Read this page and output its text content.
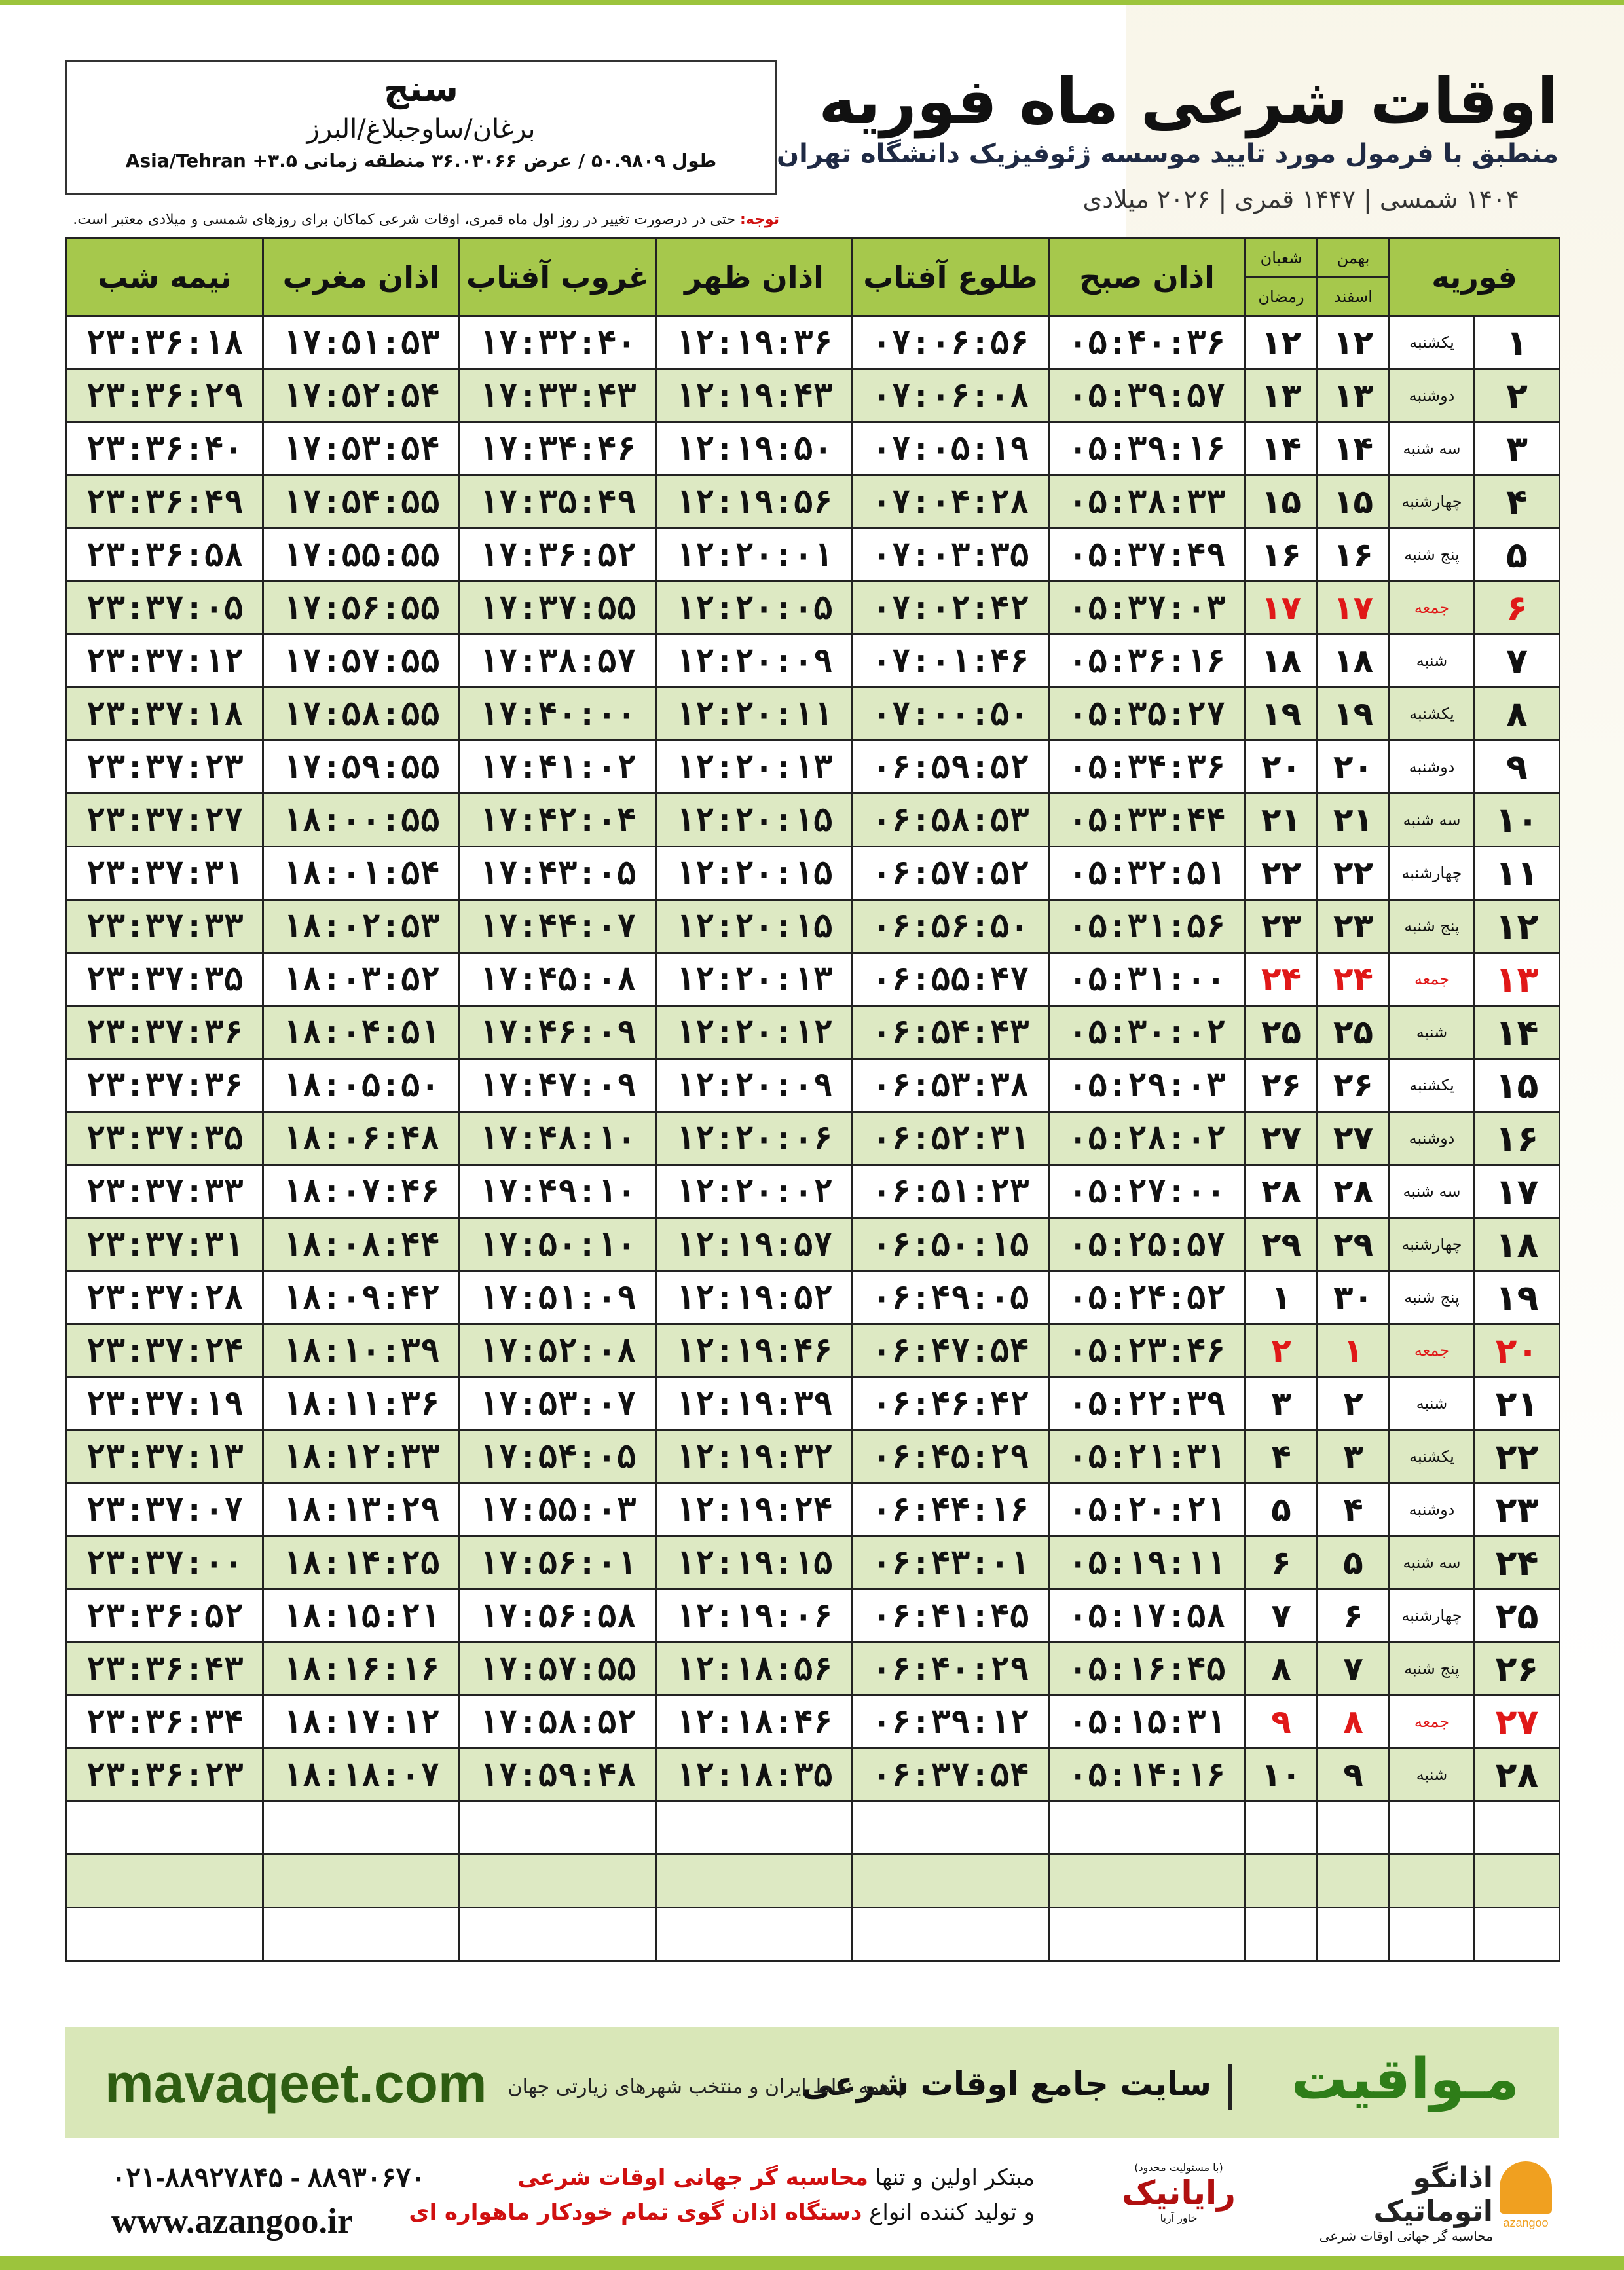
اوقات شرعی ماه فوریه
منطبق با فرمول مورد تایید موسسه ژئوفیزیک دانشگاه تهران
۱۴۰۴ شمسی | ۱۴۴۷ قمری | ۲۰۲۶ میلادی
سنج
برغان/ساوجبلاغ/البرز
طول ۵۰.۹۸۰۹ / عرض ۳۶.۰۳۰۶۶ منطقه زمانی ۳.۵+ Asia/Tehran
توجه: حتی در درصورت تغییر در روز اول ماه قمری، اوقات شرعی کماکان برای روزهای شمسی و میلادی معتبر است.
فوریه		بهمن
اسفند	شعبان
رمضان	اذان صبح	طلوع آفتاب	اذان ظهر	غروب آفتاب	اذان مغرب	نیمه شب
۱	یکشنبه	۱۲	۱۲	۰۵:۴۰:۳۶	۰۷:۰۶:۵۶	۱۲:۱۹:۳۶	۱۷:۳۲:۴۰	۱۷:۵۱:۵۳	۲۳:۳۶:۱۸
۲	دوشنبه	۱۳	۱۳	۰۵:۳۹:۵۷	۰۷:۰۶:۰۸	۱۲:۱۹:۴۳	۱۷:۳۳:۴۳	۱۷:۵۲:۵۴	۲۳:۳۶:۲۹
۳	سه شنبه	۱۴	۱۴	۰۵:۳۹:۱۶	۰۷:۰۵:۱۹	۱۲:۱۹:۵۰	۱۷:۳۴:۴۶	۱۷:۵۳:۵۴	۲۳:۳۶:۴۰
۴	چهارشنبه	۱۵	۱۵	۰۵:۳۸:۳۳	۰۷:۰۴:۲۸	۱۲:۱۹:۵۶	۱۷:۳۵:۴۹	۱۷:۵۴:۵۵	۲۳:۳۶:۴۹
۵	پنج شنبه	۱۶	۱۶	۰۵:۳۷:۴۹	۰۷:۰۳:۳۵	۱۲:۲۰:۰۱	۱۷:۳۶:۵۲	۱۷:۵۵:۵۵	۲۳:۳۶:۵۸
۶	جمعه	۱۷	۱۷	۰۵:۳۷:۰۳	۰۷:۰۲:۴۲	۱۲:۲۰:۰۵	۱۷:۳۷:۵۵	۱۷:۵۶:۵۵	۲۳:۳۷:۰۵
۷	شنبه	۱۸	۱۸	۰۵:۳۶:۱۶	۰۷:۰۱:۴۶	۱۲:۲۰:۰۹	۱۷:۳۸:۵۷	۱۷:۵۷:۵۵	۲۳:۳۷:۱۲
۸	یکشنبه	۱۹	۱۹	۰۵:۳۵:۲۷	۰۷:۰۰:۵۰	۱۲:۲۰:۱۱	۱۷:۴۰:۰۰	۱۷:۵۸:۵۵	۲۳:۳۷:۱۸
۹	دوشنبه	۲۰	۲۰	۰۵:۳۴:۳۶	۰۶:۵۹:۵۲	۱۲:۲۰:۱۳	۱۷:۴۱:۰۲	۱۷:۵۹:۵۵	۲۳:۳۷:۲۳
۱۰	سه شنبه	۲۱	۲۱	۰۵:۳۳:۴۴	۰۶:۵۸:۵۳	۱۲:۲۰:۱۵	۱۷:۴۲:۰۴	۱۸:۰۰:۵۵	۲۳:۳۷:۲۷
۱۱	چهارشنبه	۲۲	۲۲	۰۵:۳۲:۵۱	۰۶:۵۷:۵۲	۱۲:۲۰:۱۵	۱۷:۴۳:۰۵	۱۸:۰۱:۵۴	۲۳:۳۷:۳۱
۱۲	پنج شنبه	۲۳	۲۳	۰۵:۳۱:۵۶	۰۶:۵۶:۵۰	۱۲:۲۰:۱۵	۱۷:۴۴:۰۷	۱۸:۰۲:۵۳	۲۳:۳۷:۳۳
۱۳	جمعه	۲۴	۲۴	۰۵:۳۱:۰۰	۰۶:۵۵:۴۷	۱۲:۲۰:۱۳	۱۷:۴۵:۰۸	۱۸:۰۳:۵۲	۲۳:۳۷:۳۵
۱۴	شنبه	۲۵	۲۵	۰۵:۳۰:۰۲	۰۶:۵۴:۴۳	۱۲:۲۰:۱۲	۱۷:۴۶:۰۹	۱۸:۰۴:۵۱	۲۳:۳۷:۳۶
۱۵	یکشنبه	۲۶	۲۶	۰۵:۲۹:۰۳	۰۶:۵۳:۳۸	۱۲:۲۰:۰۹	۱۷:۴۷:۰۹	۱۸:۰۵:۵۰	۲۳:۳۷:۳۶
۱۶	دوشنبه	۲۷	۲۷	۰۵:۲۸:۰۲	۰۶:۵۲:۳۱	۱۲:۲۰:۰۶	۱۷:۴۸:۱۰	۱۸:۰۶:۴۸	۲۳:۳۷:۳۵
۱۷	سه شنبه	۲۸	۲۸	۰۵:۲۷:۰۰	۰۶:۵۱:۲۳	۱۲:۲۰:۰۲	۱۷:۴۹:۱۰	۱۸:۰۷:۴۶	۲۳:۳۷:۳۳
۱۸	چهارشنبه	۲۹	۲۹	۰۵:۲۵:۵۷	۰۶:۵۰:۱۵	۱۲:۱۹:۵۷	۱۷:۵۰:۱۰	۱۸:۰۸:۴۴	۲۳:۳۷:۳۱
۱۹	پنج شنبه	۳۰	۱	۰۵:۲۴:۵۲	۰۶:۴۹:۰۵	۱۲:۱۹:۵۲	۱۷:۵۱:۰۹	۱۸:۰۹:۴۲	۲۳:۳۷:۲۸
۲۰	جمعه	۱	۲	۰۵:۲۳:۴۶	۰۶:۴۷:۵۴	۱۲:۱۹:۴۶	۱۷:۵۲:۰۸	۱۸:۱۰:۳۹	۲۳:۳۷:۲۴
۲۱	شنبه	۲	۳	۰۵:۲۲:۳۹	۰۶:۴۶:۴۲	۱۲:۱۹:۳۹	۱۷:۵۳:۰۷	۱۸:۱۱:۳۶	۲۳:۳۷:۱۹
۲۲	یکشنبه	۳	۴	۰۵:۲۱:۳۱	۰۶:۴۵:۲۹	۱۲:۱۹:۳۲	۱۷:۵۴:۰۵	۱۸:۱۲:۳۳	۲۳:۳۷:۱۳
۲۳	دوشنبه	۴	۵	۰۵:۲۰:۲۱	۰۶:۴۴:۱۶	۱۲:۱۹:۲۴	۱۷:۵۵:۰۳	۱۸:۱۳:۲۹	۲۳:۳۷:۰۷
۲۴	سه شنبه	۵	۶	۰۵:۱۹:۱۱	۰۶:۴۳:۰۱	۱۲:۱۹:۱۵	۱۷:۵۶:۰۱	۱۸:۱۴:۲۵	۲۳:۳۷:۰۰
۲۵	چهارشنبه	۶	۷	۰۵:۱۷:۵۸	۰۶:۴۱:۴۵	۱۲:۱۹:۰۶	۱۷:۵۶:۵۸	۱۸:۱۵:۲۱	۲۳:۳۶:۵۲
۲۶	پنج شنبه	۷	۸	۰۵:۱۶:۴۵	۰۶:۴۰:۲۹	۱۲:۱۸:۵۶	۱۷:۵۷:۵۵	۱۸:۱۶:۱۶	۲۳:۳۶:۴۳
۲۷	جمعه	۸	۹	۰۵:۱۵:۳۱	۰۶:۳۹:۱۲	۱۲:۱۸:۴۶	۱۷:۵۸:۵۲	۱۸:۱۷:۱۲	۲۳:۳۶:۳۴
۲۸	شنبه	۹	۱۰	۰۵:۱۴:۱۶	۰۶:۳۷:۵۴	۱۲:۱۸:۳۵	۱۷:۵۹:۴۸	۱۸:۱۸:۰۷	۲۳:۳۶:۲۳

مـواقیت
|
سایت جامع اوقات شرعی
| همه نقاط ایران و منتخب شهرهای زیارتی جهان
mavaqeet.com
۰۲۱-۸۸۹۲۷۸۴۵ - ۸۸۹۳۰۶۷۰
www.azangoo.ir
مبتکر اولین و تنها محاسبه گر جهانی اوقات شرعی
و تولید کننده انواع دستگاه اذان گوی تمام خودکار ماهواره ای
(با مسئولیت محدود)
رایانیک
خاور آریا	azangoo
اذانگو اتوماتیک
محاسبه گر جهانی اوقات شرعی
